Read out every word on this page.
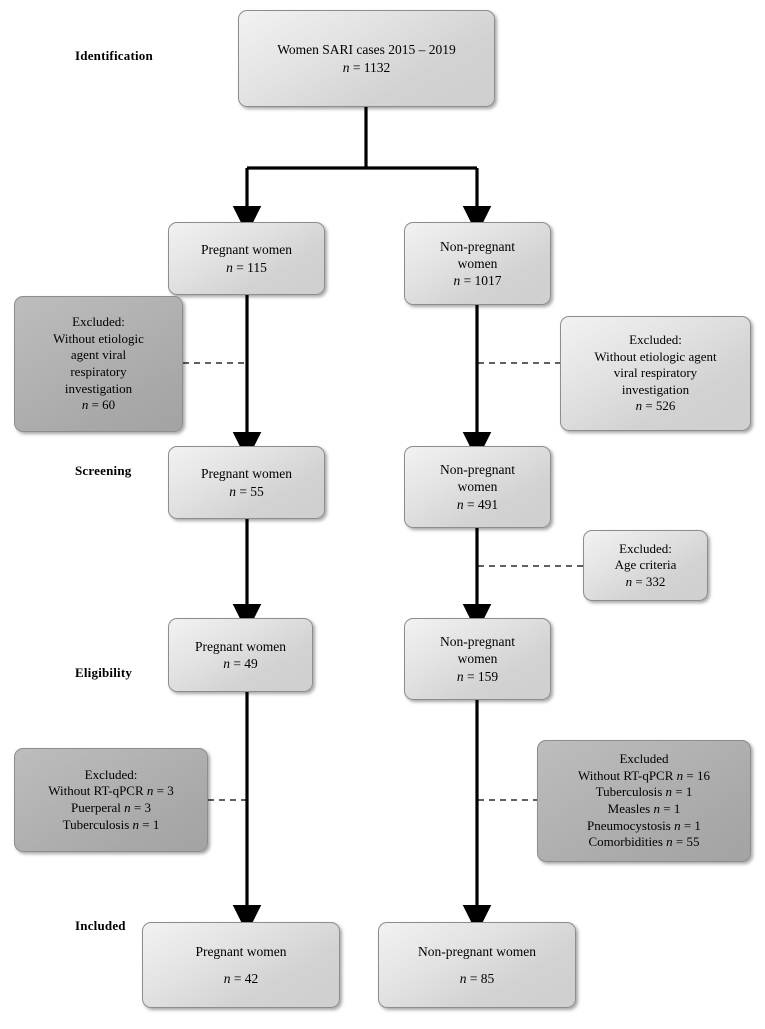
Identification
Screening
Eligibility
Included
Women SARI cases 2015 – 2019
n = 1132
Pregnant women
n = 115
Non-pregnant
women
n = 1017
Excluded:
Without etiologic
agent viral
respiratory
investigation
n = 60
Excluded:
Without etiologic agent
viral respiratory
investigation
n = 526
Pregnant women
n = 55
Non-pregnant
women
n = 491
Excluded:
Age criteria
n = 332
Pregnant women
n = 49
Non-pregnant
women
n = 159
Excluded:
Without RT-qPCR n = 3
Puerperal n = 3
Tuberculosis n = 1
Excluded
Without RT-qPCR n = 16
Tuberculosis n = 1
Measles n = 1
Pneumocystosis n = 1
Comorbidities n = 55
Pregnant women
n = 42
Non-pregnant women
n = 85
